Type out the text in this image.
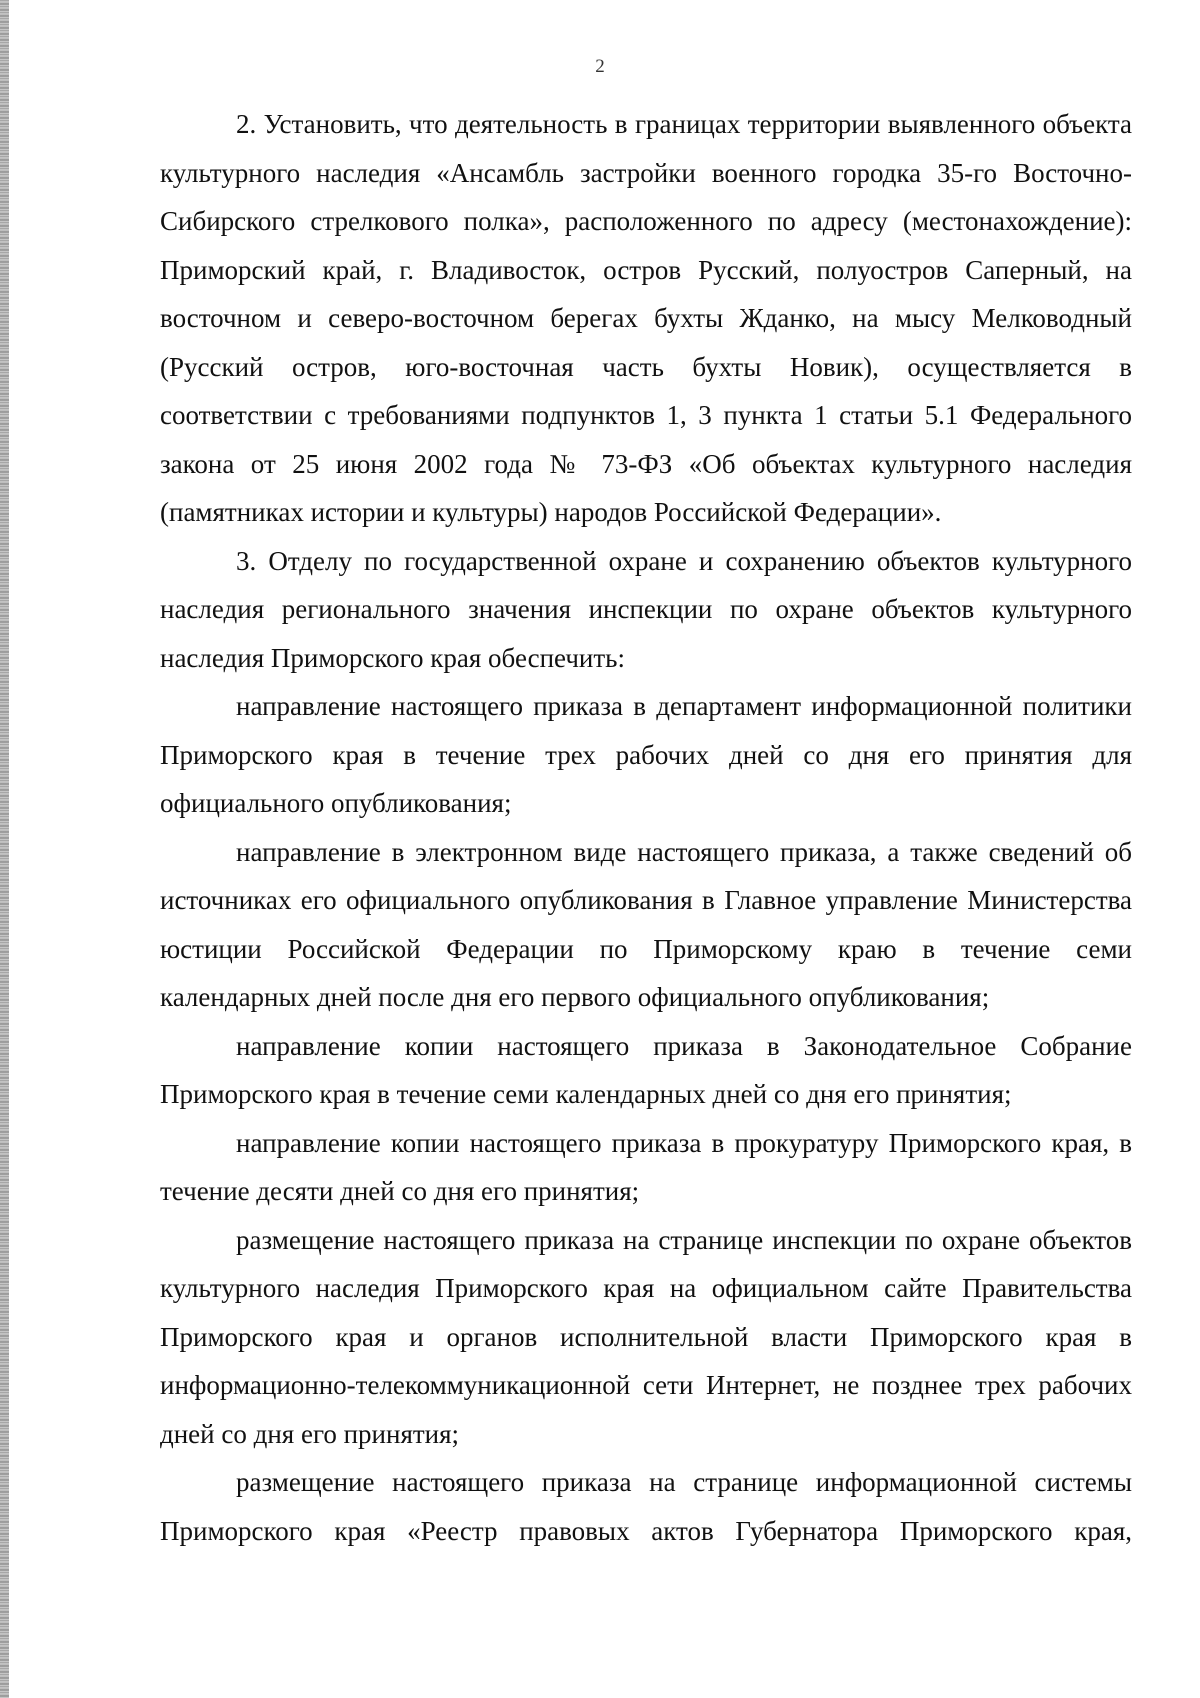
2

2. Установить, что деятельность в границах территории выявленного объекта культурного наследия «Ансамбль застройки военного городка 35-го Восточно-Сибирского стрелкового полка», расположенного по адресу (местонахождение): Приморский край, г. Владивосток, остров Русский, полуостров Саперный, на восточном и северо-восточном берегах бухты Жданко, на мысу Мелководный (Русский остров, юго-восточная часть бухты Новик), осуществляется в соответствии с требованиями подпунктов 1, 3 пункта 1 статьи 5.1 Федерального закона от 25 июня 2002 года № 73-ФЗ «Об объектах культурного наследия (памятниках истории и культуры) народов Российской Федерации».

3. Отделу по государственной охране и сохранению объектов культурного наследия регионального значения инспекции по охране объектов культурного наследия Приморского края обеспечить:

направление настоящего приказа в департамент информационной политики Приморского края в течение трех рабочих дней со дня его принятия для официального опубликования;

направление в электронном виде настоящего приказа, а также сведений об источниках его официального опубликования в Главное управление Министерства юстиции Российской Федерации по Приморскому краю в течение семи календарных дней после дня его первого официального опубликования;

направление копии настоящего приказа в Законодательное Собрание Приморского края в течение семи календарных дней со дня его принятия;

направление копии настоящего приказа в прокуратуру Приморского края, в течение десяти дней со дня его принятия;

размещение настоящего приказа на странице инспекции по охране объектов культурного наследия Приморского края на официальном сайте Правительства Приморского края и органов исполнительной власти Приморского края в информационно-телекоммуникационной сети Интернет, не позднее трех рабочих дней со дня его принятия;

размещение настоящего приказа на странице информационной системы Приморского края «Реестр правовых актов Губернатора Приморского края,
